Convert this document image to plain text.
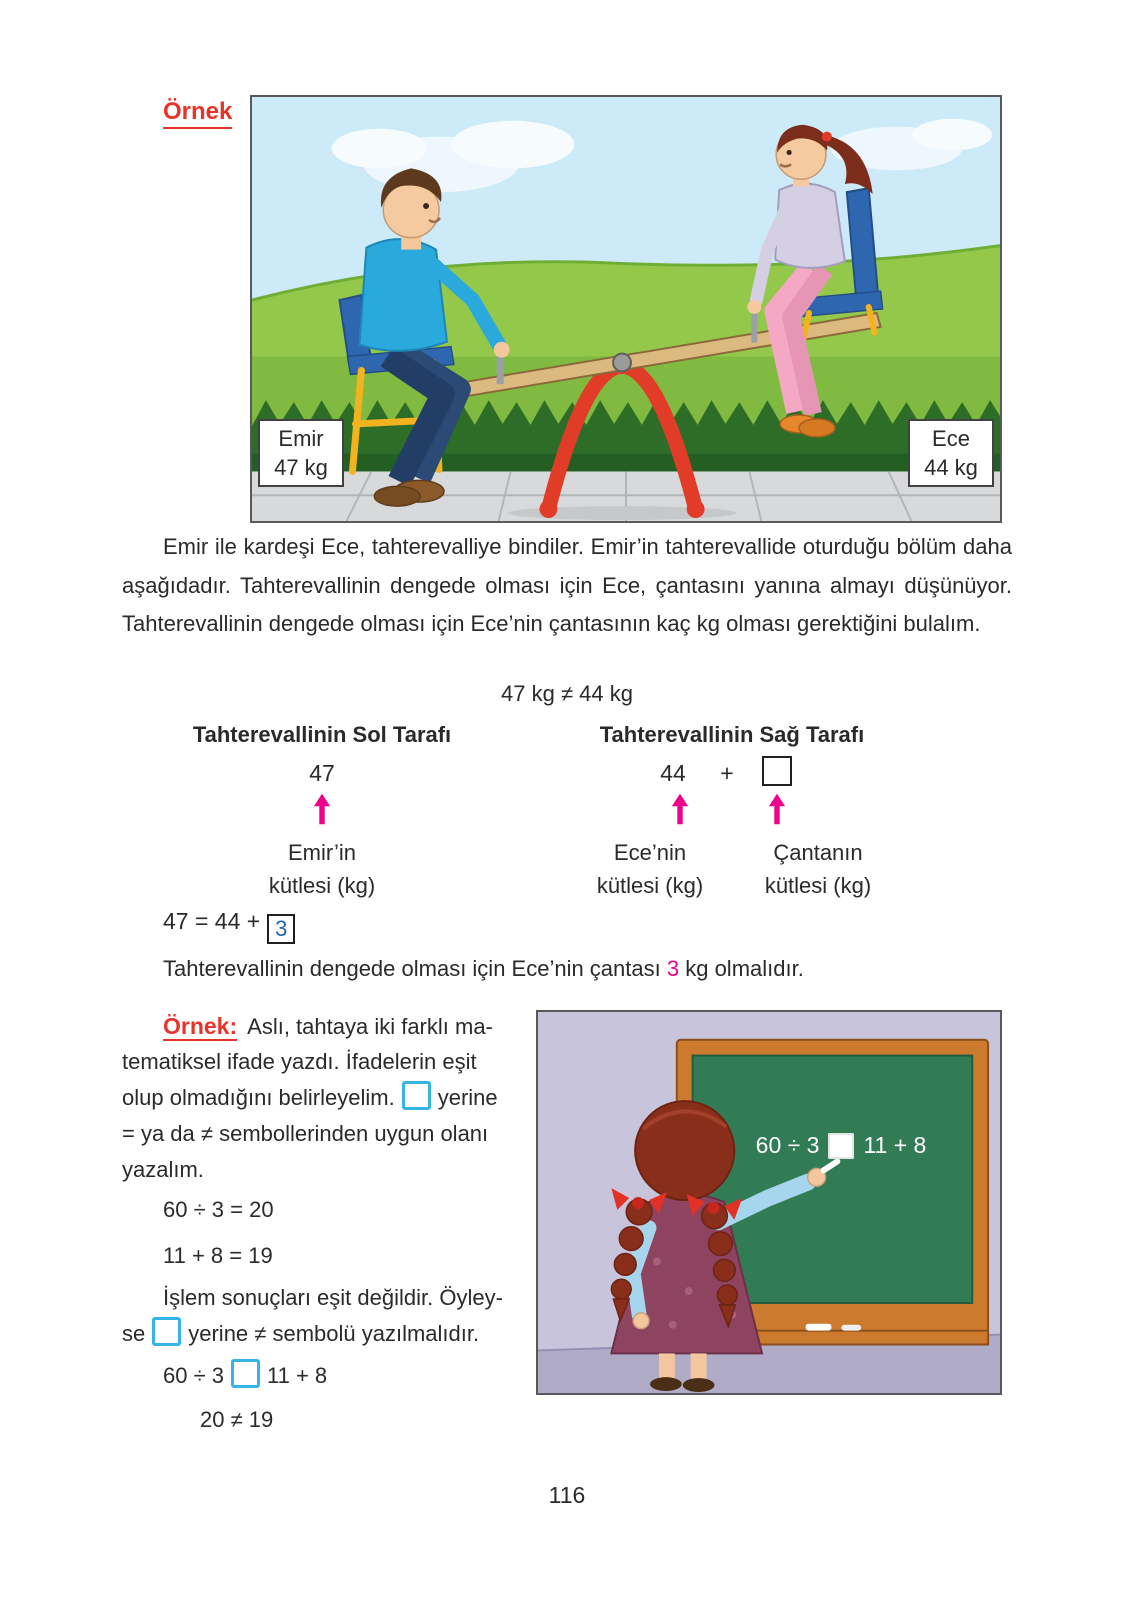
Örnek
Emir
47 kg
Ece
44 kg

Emir ile kardeşi Ece, tahterevalliye bindiler. Emir’in tahterevallide oturduğu bölüm daha aşağıdadır. Tahterevallinin dengede olması için Ece, çantasını yanına almayı düşünüyor. Tahterevallinin dengede olması için Ece’nin çantasının kaç kg olması gerektiğini bulalım.

47 kg ≠ 44 kg
Tahterevallinin Sol Tarafı	Tahterevallinin Sağ Tarafı
47	44	+
Emir’in
kütlesi (kg)
Ece’nin
kütlesi (kg)
Çantanın
kütlesi (kg)
47 = 44 + 3
Tahterevallinin dengede olması için Ece’nin çantası 3 kg olmalıdır.
Örnek: Aslı, tahtaya iki farklı ma-
tematiksel ifade yazdı. İfadelerin eşit
olup olmadığını belirleyelim. yerine
= ya da ≠ sembollerinden uygun olanı
yazalım.
60 ÷ 3 = 20
11 + 8 = 19
İşlem sonuçları eşit değildir. Öyley-
se yerine ≠ sembolü yazılmalıdır.
60 ÷ 3 11 + 8
20 ≠ 19
60 ÷ 3 11 + 8
116
